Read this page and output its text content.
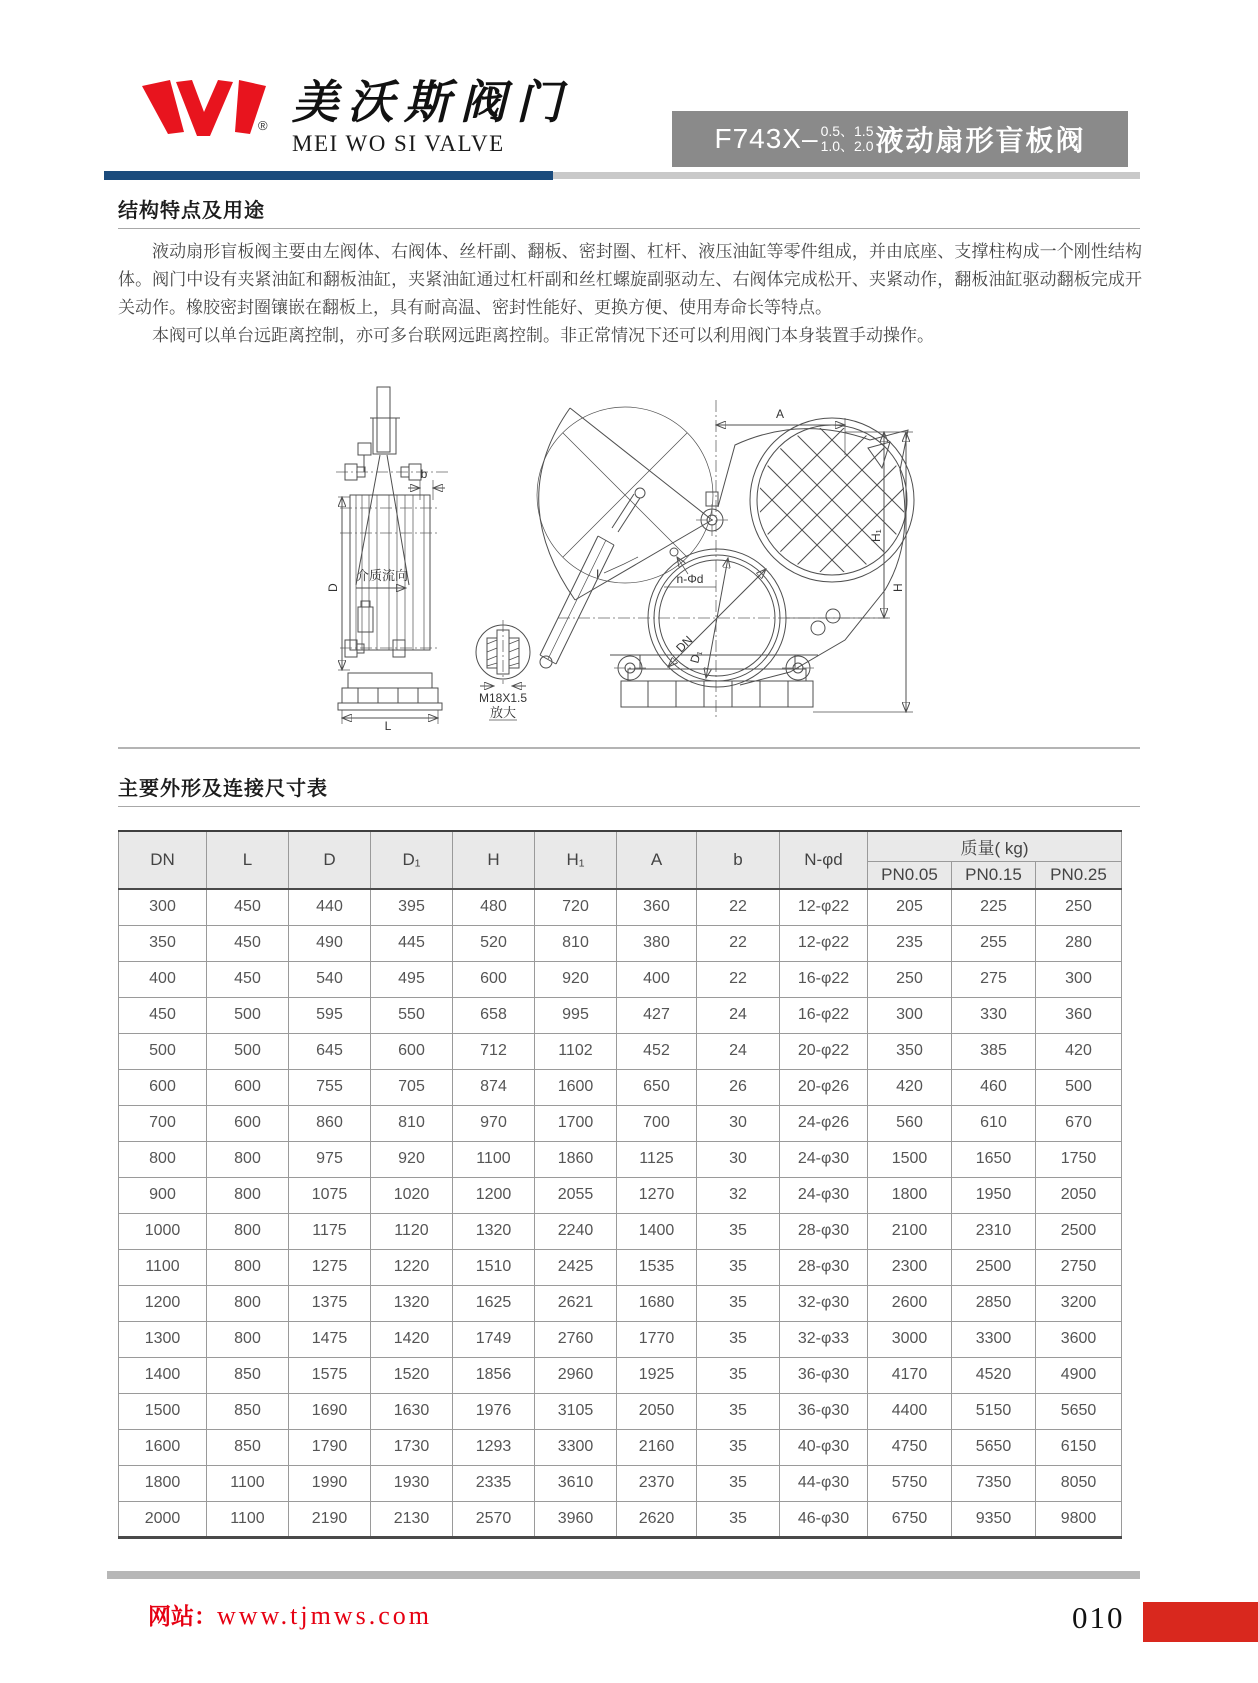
® 美沃斯阀门
MEI WO SI VALVE	F743X– 0.5、1.5
1.0、2.0 液动扇形盲板阀
结构特点及用途

液动扇形盲板阀主要由左阀体、右阀体、丝杆副、翻板、密封圈、杠杆、液压油缸等零件组成，并由底座、支撑柱构成一个刚性结构体。阀门中设有夹紧油缸和翻板油缸，夹紧油缸通过杠杆副和丝杠螺旋副驱动左、右阀体完成松开、夹紧动作，翻板油缸驱动翻板完成开关动作。橡胶密封圈镶嵌在翻板上，具有耐高温、密封性能好、更换方便、使用寿命长等特点。

本阀可以单台远距离控制，亦可多台联网远距离控制。非正常情况下还可以利用阀门本身装置手动操作。

D
介质流向
b
L
M18X1.5
放大
n-Φd
DN
D₁
I
A
H₁
H
主要外形及连接尺寸表
DN	L	D	D₁	H	H₁	A	b	N-φd	质量( kg)		
									PN0.05	PN0.15	PN0.25
300	450	440	395	480	720	360	22	12-φ22	205	225	250
350	450	490	445	520	810	380	22	12-φ22	235	255	280
400	450	540	495	600	920	400	22	16-φ22	250	275	300
450	500	595	550	658	995	427	24	16-φ22	300	330	360
500	500	645	600	712	1102	452	24	20-φ22	350	385	420
600	600	755	705	874	1600	650	26	20-φ26	420	460	500
700	600	860	810	970	1700	700	30	24-φ26	560	610	670
800	800	975	920	1100	1860	1125	30	24-φ30	1500	1650	1750
900	800	1075	1020	1200	2055	1270	32	24-φ30	1800	1950	2050
1000	800	1175	1120	1320	2240	1400	35	28-φ30	2100	2310	2500
1100	800	1275	1220	1510	2425	1535	35	28-φ30	2300	2500	2750
1200	800	1375	1320	1625	2621	1680	35	32-φ30	2600	2850	3200
1300	800	1475	1420	1749	2760	1770	35	32-φ33	3000	3300	3600
1400	850	1575	1520	1856	2960	1925	35	36-φ30	4170	4520	4900
1500	850	1690	1630	1976	3105	2050	35	36-φ30	4400	5150	5650
1600	850	1790	1730	1293	3300	2160	35	40-φ30	4750	5650	6150
1800	1100	1990	1930	2335	3610	2370	35	44-φ30	5750	7350	8050
2000	1100	2190	2130	2570	3960	2620	35	46-φ30	6750	9350	9800
网站：www.tjmws.com	010
